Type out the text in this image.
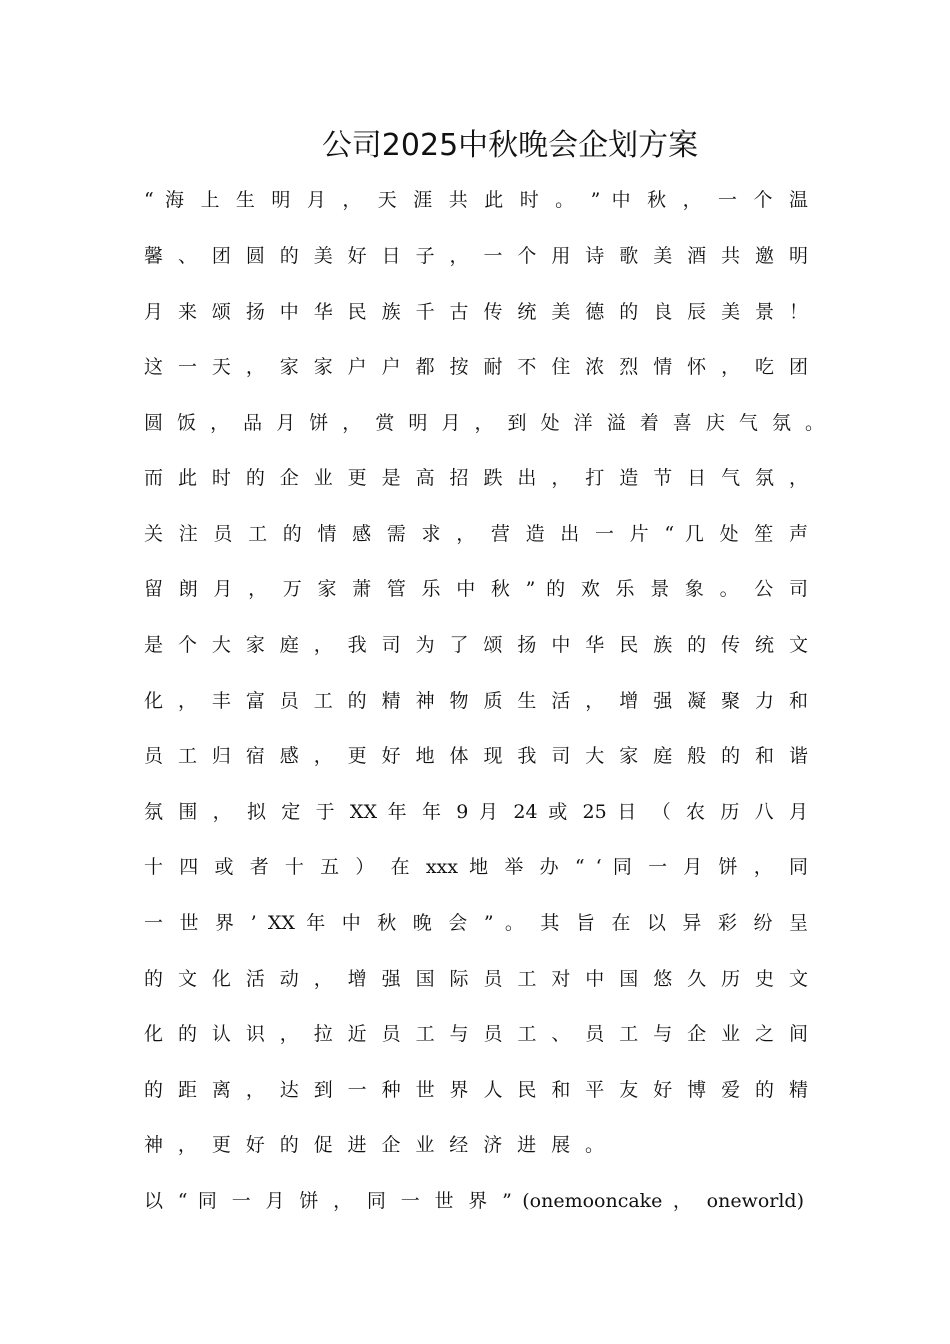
公司2025中秋晚会企划方案
“ 海 上 生 明 月 ， 天 涯 共 此 时 。 ” 中 秋 ， 一 个 温
馨 、 团 圆 的 美 好 日 子 ， 一 个 用 诗 歌 美 酒 共 邀 明
月 来 颂 扬 中 华 民 族 千 古 传 统 美 德 的 良 辰 美 景 ！
这 一 天 ， 家 家 户 户 都 按 耐 不 住 浓 烈 情 怀 ， 吃 团
圆 饭 ， 品 月 饼 ， 赏 明 月 ， 到 处 洋 溢 着 喜 庆 气 氛 。
而 此 时 的 企 业 更 是 高 招 跌 出 ， 打 造 节 日 气 氛 ，
关 注 员 工 的 情 感 需 求 ， 营 造 出 一 片 “ 几 处 笙 声
留 朗 月 ， 万 家 萧 管 乐 中 秋 ” 的 欢 乐 景 象 。 公 司
是 个 大 家 庭 ， 我 司 为 了 颂 扬 中 华 民 族 的 传 统 文
化 ， 丰 富 员 工 的 精 神 物 质 生 活 ， 增 强 凝 聚 力 和
员 工 归 宿 感 ， 更 好 地 体 现 我 司 大 家 庭 般 的 和 谐
氛 围 ， 拟 定 于 XX 年 年 9 月 24 或 25 日 （ 农 历 八 月
十 四 或 者 十 五 ） 在 xxx 地 举 办 “ ‘ 同 一 月 饼 ， 同
一 世 界 ’ XX 年 中 秋 晚 会 ” 。 其 旨 在 以 异 彩 纷 呈
的 文 化 活 动 ， 增 强 国 际 员 工 对 中 国 悠 久 历 史 文
化 的 认 识 ， 拉 近 员 工 与 员 工 、 员 工 与 企 业 之 间
的 距 离 ， 达 到 一 种 世 界 人 民 和 平 友 好 博 爱 的 精
神 ， 更 好 的 促 进 企 业 经 济 进 展 。
以 “ 同 一 月 饼 ， 同 一 世 界 ” (onemooncake ， oneworld)
